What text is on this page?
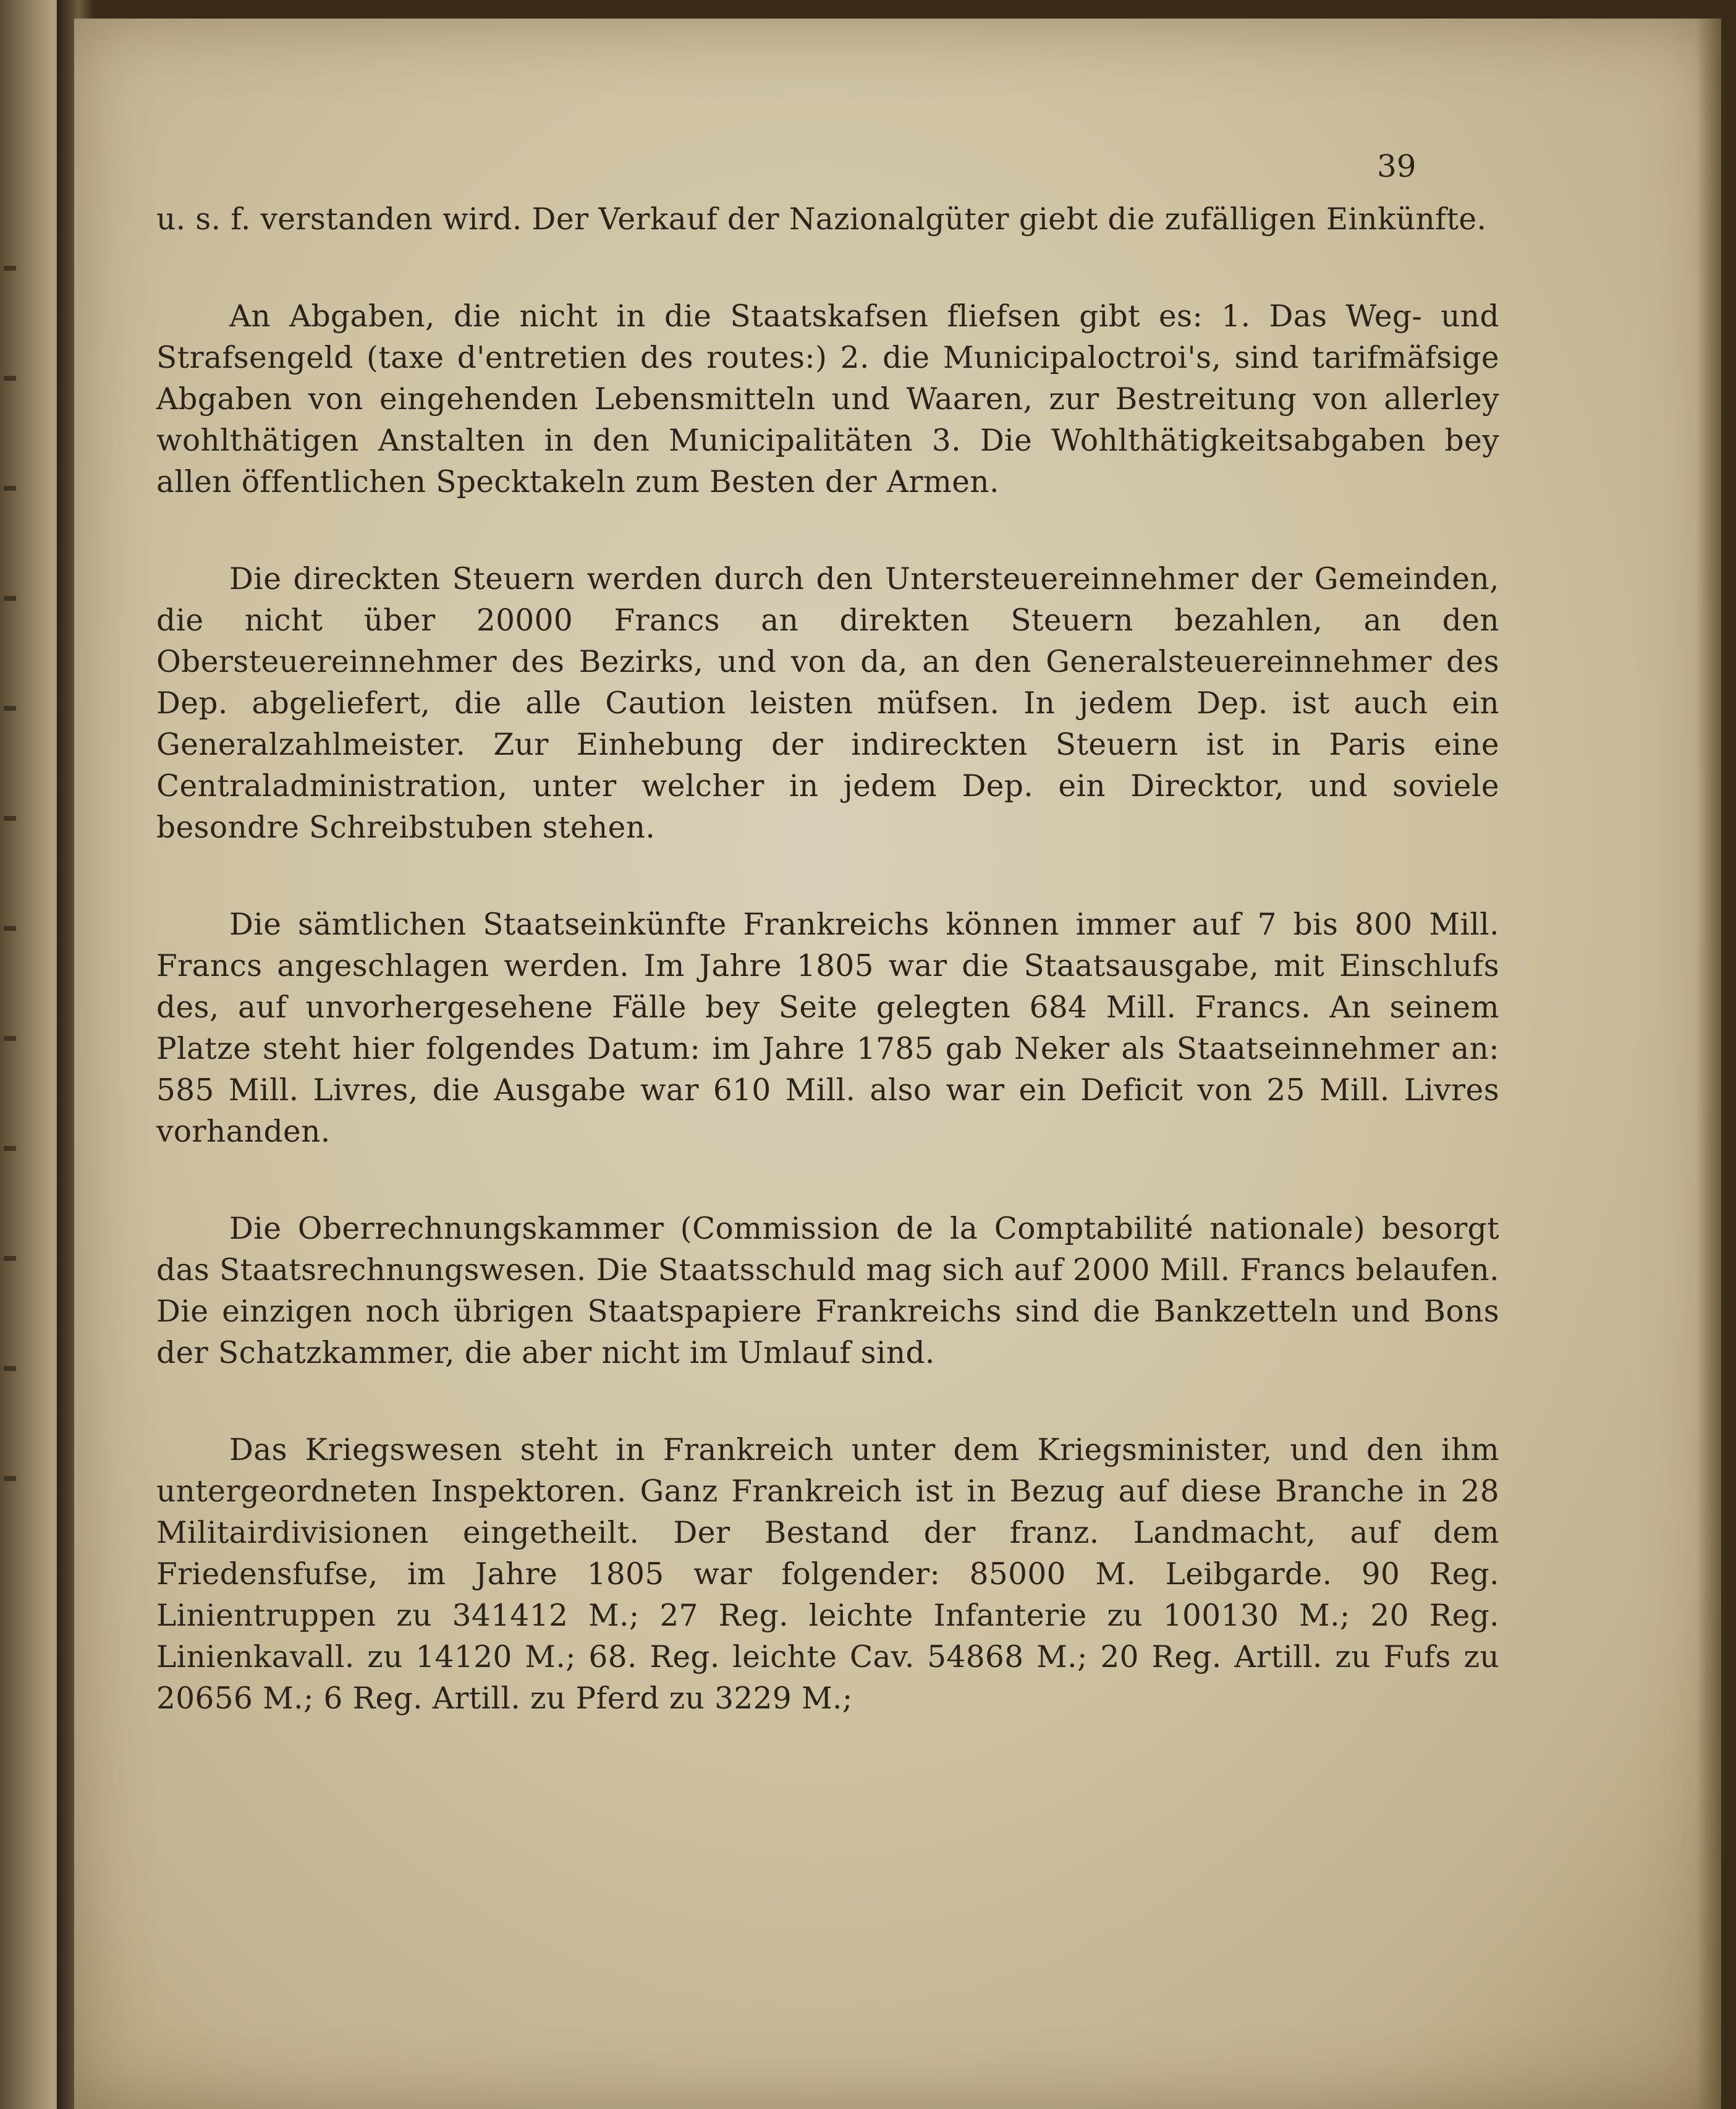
39

u. s. f. verstanden wird. Der Verkauf der Nazionalgüter giebt die zufälligen Einkünfte.

An Abgaben, die nicht in die Staatskafsen fliefsen gibt es: 1. Das Weg- und Strafsengeld (taxe d'entretien des routes:) 2. die Municipaloctroi's, sind tarifmäfsige Abgaben von eingehenden Lebensmitteln und Waaren, zur Bestreitung von allerley wohlthätigen Anstalten in den Municipalitäten 3. Die Wohlthätigkeitsabgaben bey allen öffentlichen Specktakeln zum Besten der Armen.

Die direckten Steuern werden durch den Untersteuereinnehmer der Gemeinden, die nicht über 20000 Francs an direkten Steuern bezahlen, an den Obersteuereinnehmer des Bezirks, und von da, an den Generalsteuereinnehmer des Dep. abgeliefert, die alle Caution leisten müfsen. In jedem Dep. ist auch ein Generalzahlmeister. Zur Einhebung der indireckten Steuern ist in Paris eine Centraladministration, unter welcher in jedem Dep. ein Direcktor, und soviele besondre Schreibstuben stehen.

Die sämtlichen Staatseinkünfte Frankreichs können immer auf 7 bis 800 Mill. Francs angeschlagen werden. Im Jahre 1805 war die Staatsausgabe, mit Einschlufs des, auf unvorhergesehene Fälle bey Seite gelegten 684 Mill. Francs. An seinem Platze steht hier folgendes Datum: im Jahre 1785 gab Neker als Staatseinnehmer an: 585 Mill. Livres, die Ausgabe war 610 Mill. also war ein Deficit von 25 Mill. Livres vorhanden.

Die Oberrechnungskammer (Commission de la Comptabilité nationale) besorgt das Staatsrechnungswesen. Die Staatsschuld mag sich auf 2000 Mill. Francs belaufen. Die einzigen noch übrigen Staatspapiere Frankreichs sind die Bankzetteln und Bons der Schatzkammer, die aber nicht im Umlauf sind.

Das Kriegswesen steht in Frankreich unter dem Kriegsminister, und den ihm untergeordneten Inspektoren. Ganz Frankreich ist in Bezug auf diese Branche in 28 Militairdivisionen eingetheilt. Der Bestand der franz. Landmacht, auf dem Friedensfufse, im Jahre 1805 war folgender: 85000 M. Leibgarde. 90 Reg. Linientruppen zu 341412 M.; 27 Reg. leichte Infanterie zu 100130 M.; 20 Reg. Linienkavall. zu 14120 M.; 68. Reg. leichte Cav. 54868 M.; 20 Reg. Artill. zu Fufs zu 20656 M.; 6 Reg. Artill. zu Pferd zu 3229 M.;
